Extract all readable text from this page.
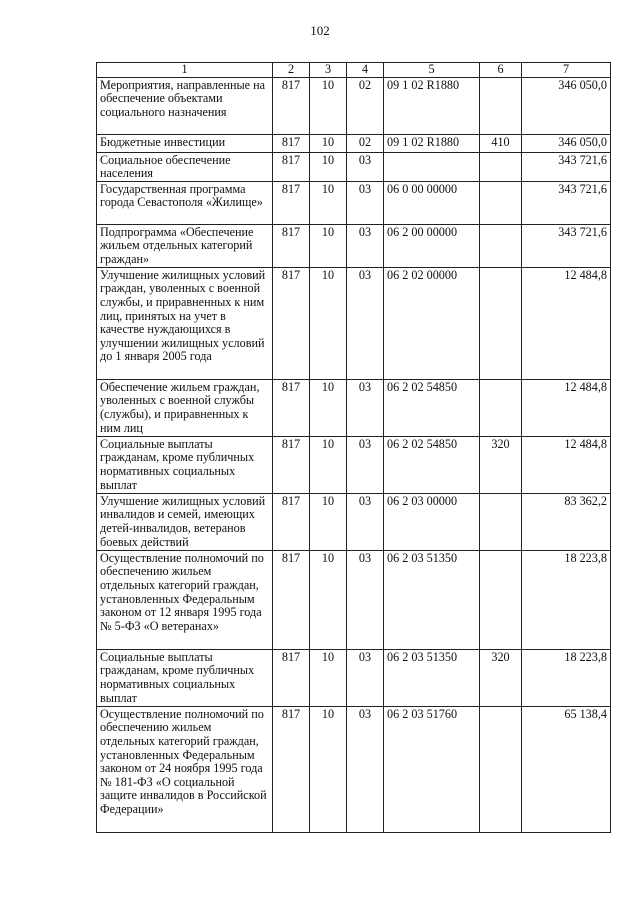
102
1	2	3	4	5	6	7
Мероприятия, направленные на обеспечение объектами социального назначения	817	10	02	09 1 02 R1880		346 050,0
Бюджетные инвестиции	817	10	02	09 1 02 R1880	410	346 050,0
Социальное обеспечение населения	817	10	03			343 721,6
Государственная программа города Севастополя «Жилище»	817	10	03	06 0 00 00000		343 721,6
Подпрограмма «Обеспечение жильем отдельных категорий граждан»	817	10	03	06 2 00 00000		343 721,6
Улучшение жилищных условий граждан, уволенных с военной службы, и приравненных к ним лиц, принятых на учет в качестве нуждающихся в улучшении жилищных условий до 1 января 2005 года	817	10	03	06 2 02 00000		12 484,8
Обеспечение жильем граждан, уволенных с военной службы (службы), и приравненных к ним лиц	817	10	03	06 2 02 54850		12 484,8
Социальные выплаты гражданам, кроме публичных нормативных социальных выплат	817	10	03	06 2 02 54850	320	12 484,8
Улучшение жилищных условий инвалидов и семей, имеющих детей-инвалидов, ветеранов боевых действий	817	10	03	06 2 03 00000		83 362,2
Осуществление полномочий по обеспечению жильем отдельных категорий граждан, установленных Федеральным законом от 12 января 1995 года № 5-ФЗ «О ветеранах»	817	10	03	06 2 03 51350		18 223,8
Социальные выплаты гражданам, кроме публичных нормативных социальных выплат	817	10	03	06 2 03 51350	320	18 223,8
Осуществление полномочий по обеспечению жильем отдельных категорий граждан, установленных Федеральным законом от 24 ноября 1995 года № 181-ФЗ «О социальной защите инвалидов в Российской Федерации»	817	10	03	06 2 03 51760		65 138,4
